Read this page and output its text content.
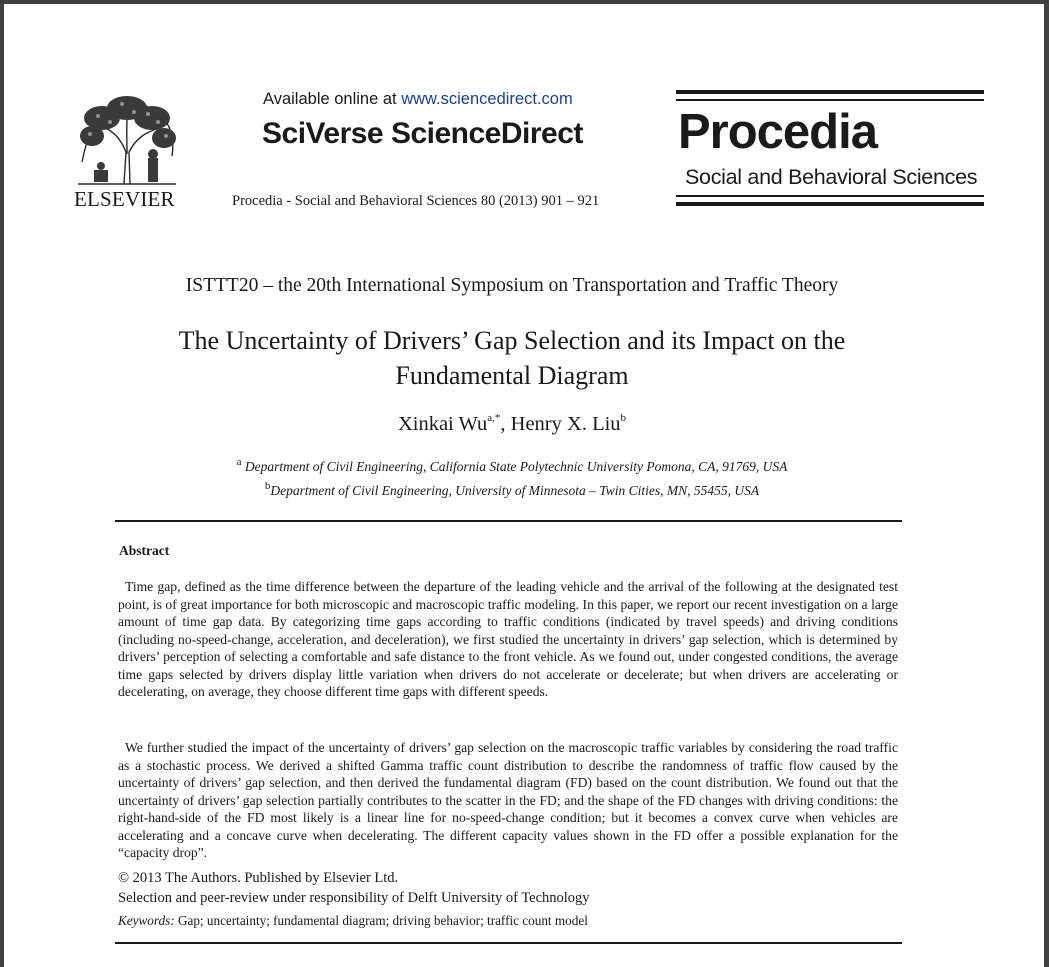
ELSEVIER
Available online at www.sciencedirect.com
SciVerse ScienceDirect
Procedia - Social and Behavioral Sciences 80 (2013) 901 – 921
Procedia
Social and Behavioral Sciences
ISTTT20 – the 20th International Symposium on Transportation and Traffic Theory
The Uncertainty of Drivers’ Gap Selection and its Impact on the
Fundamental Diagram
Xinkai $Wu^{a,*}$, Henry X. Liu$^b$
$^a$ Department of Civil Engineering, California State Polytechnic University Pomona, CA, 91769, USA
$^b$Department of Civil Engineering, University of Minnesota – Twin Cities, MN, 55455, USA
Abstract
Time gap, defined as the time difference between the departure of the leading vehicle and the arrival of the following at the designated test point, is of great importance for both microscopic and macroscopic traffic modeling. In this paper, we report our recent investigation on a large amount of time gap data. By categorizing time gaps according to traffic conditions (indicated by travel speeds) and driving conditions (including no-speed-change, acceleration, and deceleration), we first studied the uncertainty in drivers’ gap selection, which is determined by drivers’ perception of selecting a comfortable and safe distance to the front vehicle. As we found out, under congested conditions, the average time gaps selected by drivers display little variation when drivers do not accelerate or decelerate; but when drivers are accelerating or decelerating, on average, they choose different time gaps with different speeds.
We further studied the impact of the uncertainty of drivers’ gap selection on the macroscopic traffic variables by considering the road traffic as a stochastic process. We derived a shifted Gamma traffic count distribution to describe the randomness of traffic flow caused by the uncertainty of drivers’ gap selection, and then derived the fundamental diagram (FD) based on the count distribution. We found out that the uncertainty of drivers’ gap selection partially contributes to the scatter in the FD; and the shape of the FD changes with driving conditions: the right-hand-side of the FD most likely is a linear line for no-speed-change condition; but it becomes a convex curve when vehicles are accelerating and a concave curve when decelerating. The different capacity values shown in the FD offer a possible explanation for the “capacity drop”.
© 2013 The Authors. Published by Elsevier Ltd.
Selection and peer-review under responsibility of Delft University of Technology
Keywords: Gap; uncertainty; fundamental diagram; driving behavior; traffic count model
